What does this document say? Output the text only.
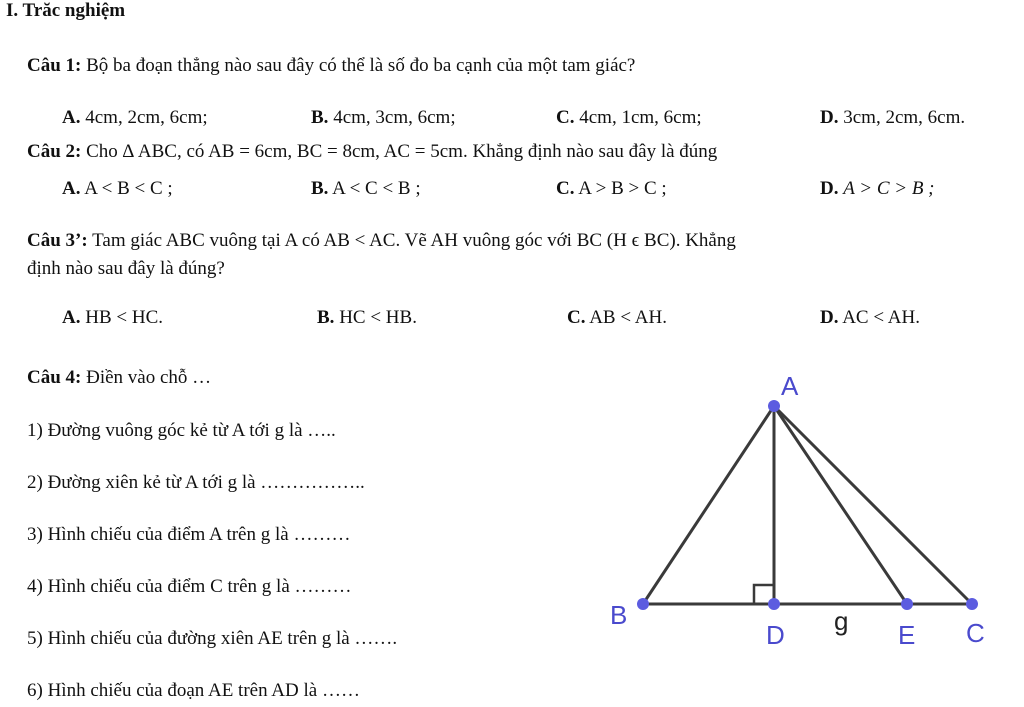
I. Trăc nghiệm
Câu 1: Bộ ba đoạn thẳng nào sau đây có thể là số đo ba cạnh của một tam giác?
A. 4cm, 2cm, 6cm;	B. 4cm, 3cm, 6cm;	C. 4cm, 1cm, 6cm;	D. 3cm, 2cm, 6cm.
Câu 2: Cho ∆ ABC, có AB = 6cm, BC = 8cm, AC = 5cm. Khẳng định nào sau đây là đúng
A. A < B < C ;	B. A < C < B ;	C. A > B > C ;	D. A > C > B ;
Câu 3’: Tam giác ABC vuông tại A có AB < AC. Vẽ AH vuông góc với BC (H ϵ BC). Khẳng
định nào sau đây là đúng?
A. HB < HC.	B. HC < HB.	C. AB < AH.	D. AC < AH.
Câu 4: Điền vào chỗ …
1) Đường vuông góc kẻ từ A tới g là …..
2) Đường xiên kẻ từ A tới g là ……………..
3) Hình chiếu của điểm A trên g là ………
4) Hình chiếu của điểm C trên g là ………
5) Hình chiếu của đường xiên AE trên g là …….
6) Hình chiếu của đoạn AE trên AD là ……
A
B
D	E C
g
